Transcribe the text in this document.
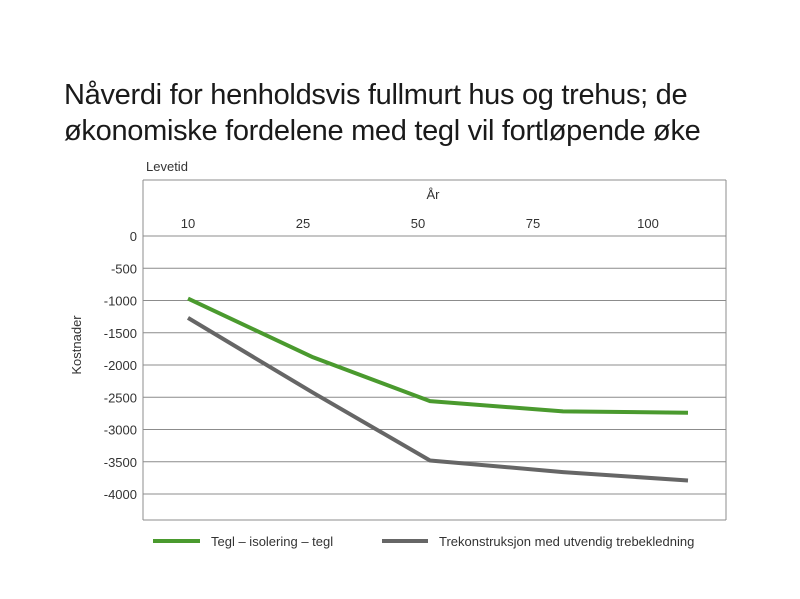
Nåverdi for henholdsvis fullmurt hus og trehus; de
økonomiske fordelene med tegl vil fortløpende øke
0
-500
-1000
-1500
-2000
-2500
-3000
-3500
-4000
10	25	50	75	100
Levetid
År
Kostnader
Tegl – isolering – tegl	Trekonstruksjon med utvendig trebekledning
